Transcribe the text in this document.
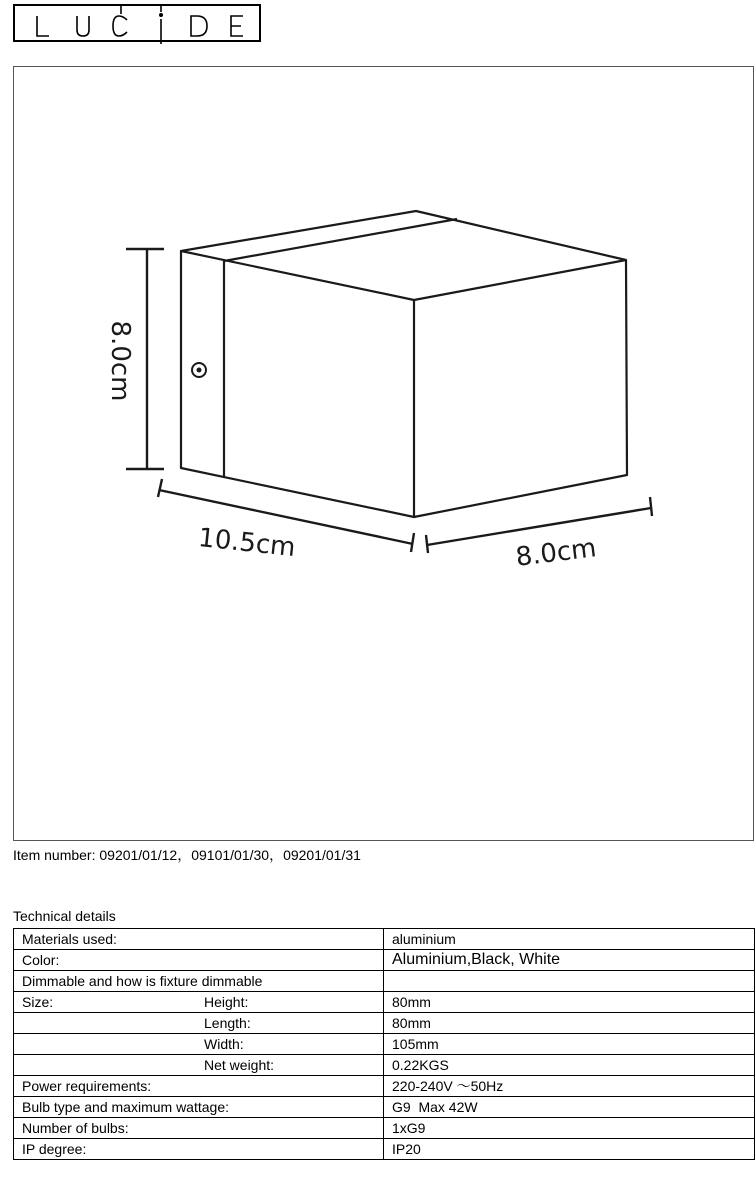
8.0cm
10.5cm	8.0cm
Item number: 09201/01/12，09101/01/30，09201/01/31
Technical details
Materials used:	aluminium
Color:	Aluminium,Black, White
Dimmable and how is fixture dimmable	
Size: Height:	80mm

Length:	80mm

Width:	105mm

Net weight:	0.22KGS
Power requirements:	220-240V ～50Hz
Bulb type and maximum wattage:	G9  Max 42W
Number of bulbs:	1xG9
IP degree:	IP20
